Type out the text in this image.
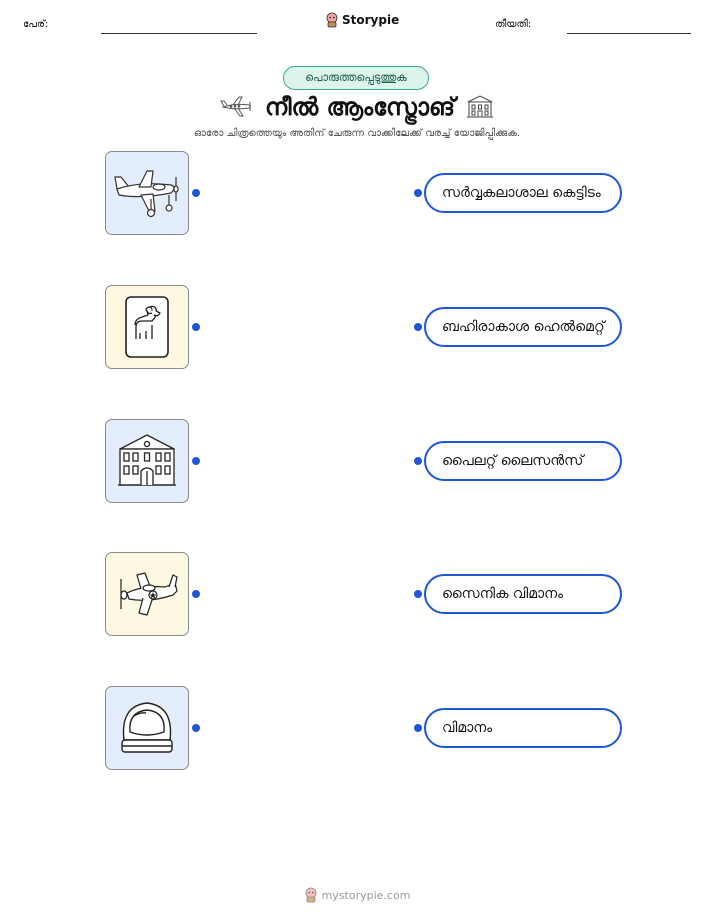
പേര്:	Storypie	തീയതി:
പൊരുത്തപ്പെടുത്തുക
നീൽ ആംസ്ട്രോങ്
ഓരോ ചിത്രത്തെയും അതിന് ചേരുന്ന വാക്കിലേക്ക് വരച്ച് യോജിപ്പിക്കുക.
സർവ്വകലാശാല കെട്ടിടം
ബഹിരാകാശ ഹെൽമെറ്റ്
പൈലറ്റ് ലൈസൻസ്
സൈനിക വിമാനം
വിമാനം
mystorypie.com
